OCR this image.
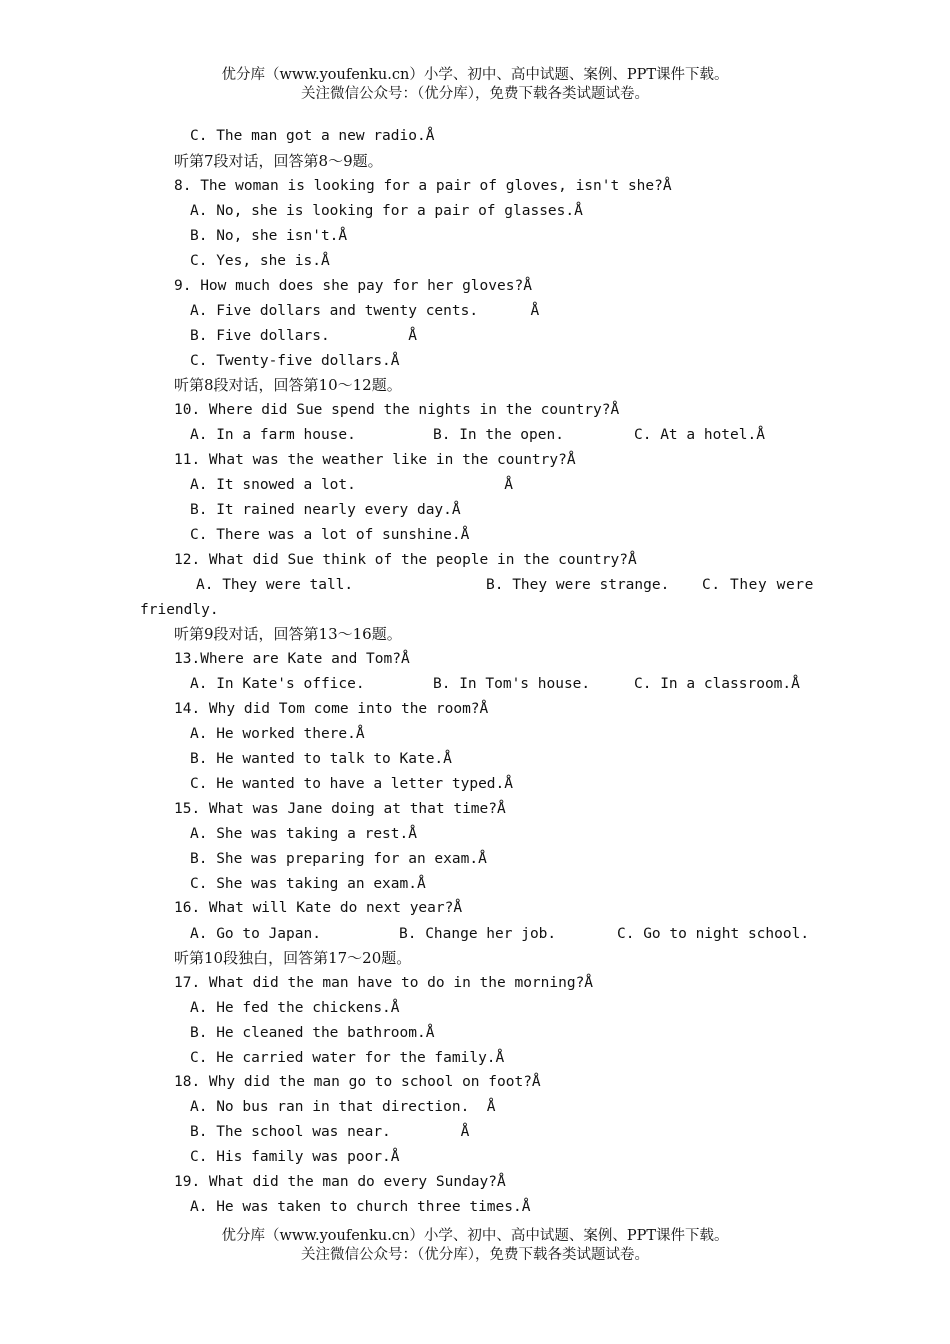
优分库（www.youfenku.cn）小学、初中、高中试题、案例、PPT课件下载。
关注微信公众号：（优分库），免费下载各类试题试卷。
C. The man got a new radio.Å
听第7段对话，回答第8～9题。
8. The woman is looking for a pair of gloves, isn't she?Å
A. No, she is looking for a pair of glasses.Å
B. No, she isn't.Å
C. Yes, she is.Å
9. How much does she pay for her gloves?Å
A. Five dollars and twenty cents.      Å
B. Five dollars.         Å
C. Twenty-five dollars.Å
听第8段对话，回答第10～12题。
10. Where did Sue spend the nights in the country?Å
A. In a farm house.	B. In the open.	C. At a hotel.Å
11. What was the weather like in the country?Å
A. It snowed a lot.                 Å
B. It rained nearly every day.Å
C. There was a lot of sunshine.Å
12. What did Sue think of the people in the country?Å
A. They were tall.	B. They were strange. C. They were
friendly.
听第9段对话，回答第13～16题。
13.Where are Kate and Tom?Å
A. In Kate's office.	B. In Tom's house.	C. In a classroom.Å
14. Why did Tom come into the room?Å
A. He worked there.Å
B. He wanted to talk to Kate.Å
C. He wanted to have a letter typed.Å
15. What was Jane doing at that time?Å
A. She was taking a rest.Å
B. She was preparing for an exam.Å
C. She was taking an exam.Å
16. What will Kate do next year?Å
A. Go to Japan.	B. Change her job.	C. Go to night school.
听第10段独白，回答第17～20题。
17. What did the man have to do in the morning?Å
A. He fed the chickens.Å
B. He cleaned the bathroom.Å
C. He carried water for the family.Å
18. Why did the man go to school on foot?Å
A. No bus ran in that direction.  Å
B. The school was near.        Å
C. His family was poor.Å
19. What did the man do every Sunday?Å
A. He was taken to church three times.Å
优分库（www.youfenku.cn）小学、初中、高中试题、案例、PPT课件下载。
关注微信公众号：（优分库），免费下载各类试题试卷。
